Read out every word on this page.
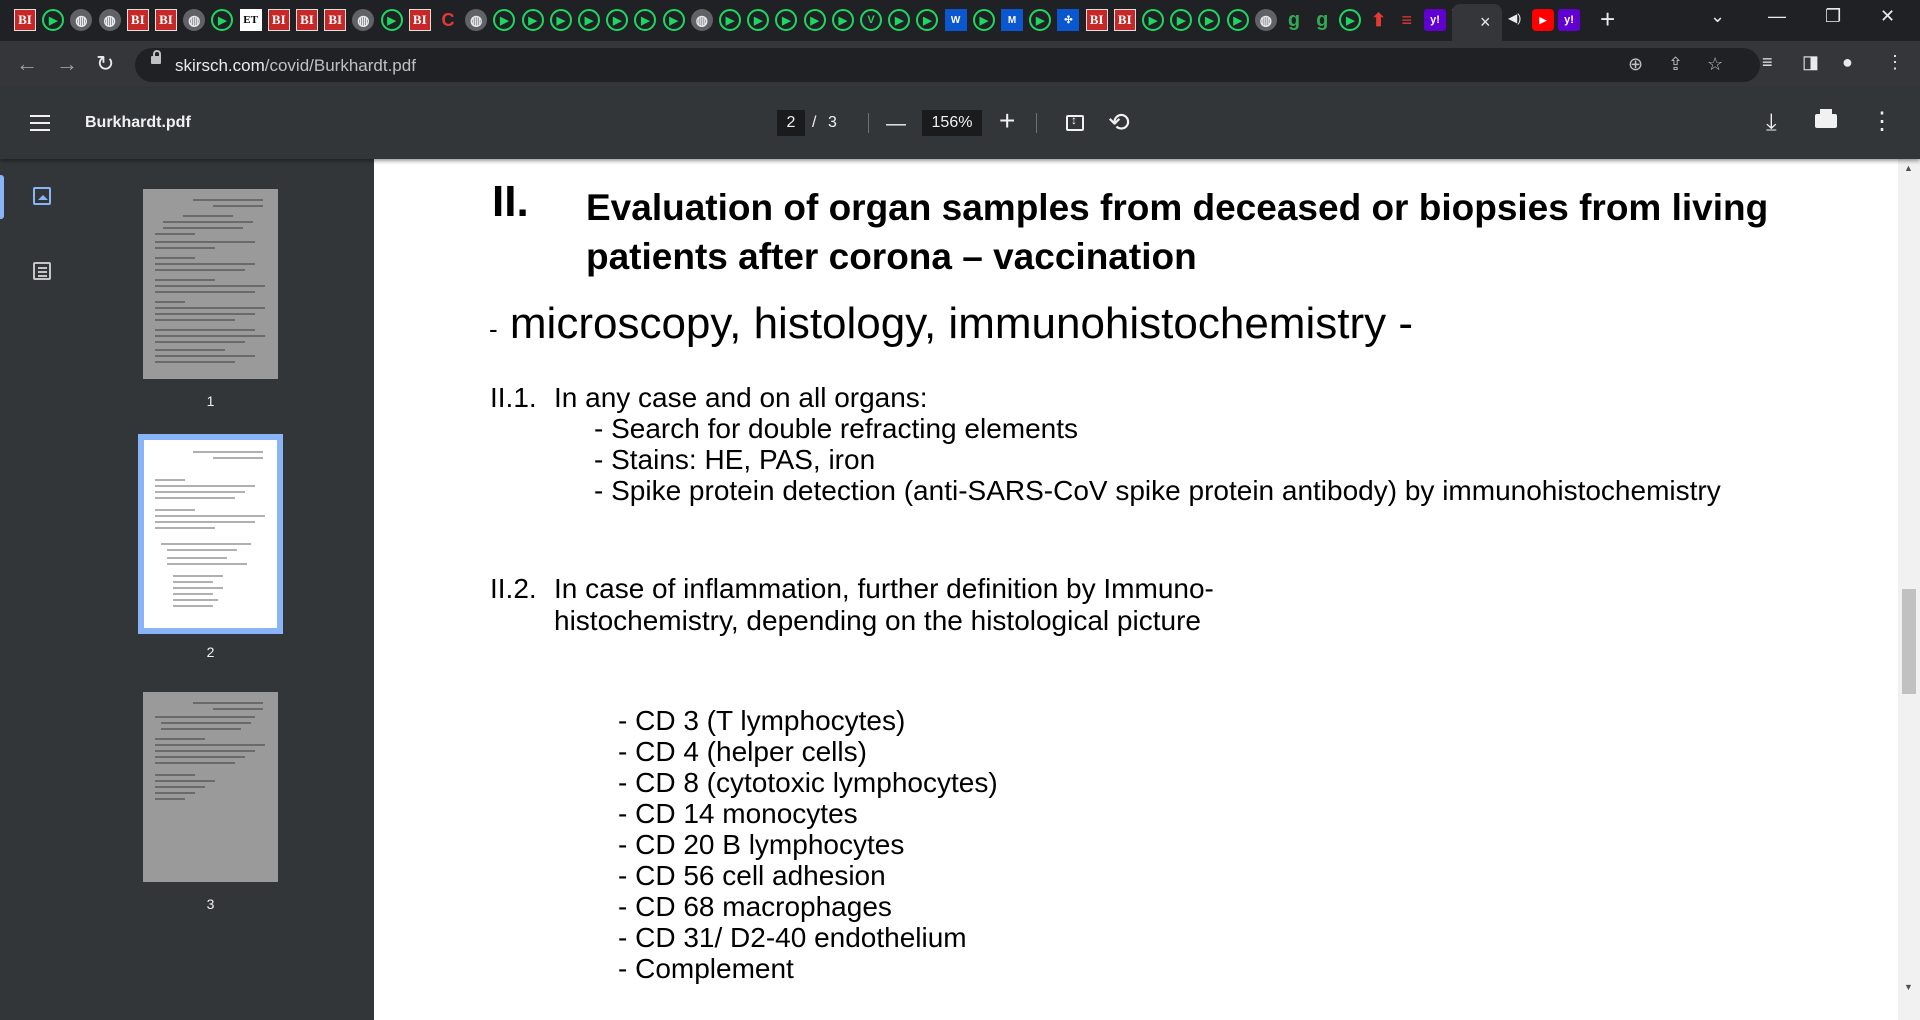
BI	▶	◍	◍	BI	BI	◍	▶	ET	BI	BI	BI	◍	▶	BI C	◍	▶	▶	▶	▶	▶	▶	▶	◍	▶	▶	▶	▶	▶	V	▶	▶	W	▶	M	▶	✣	BI	BI	▶	▶	▶	▶	◍ g g	▶ ⬆ ≡	y!	× ◀)	▶	y! +	⌄ — ❐ ✕
← → ↻	skirsch.com/covid/Burkhardt.pdf	⊕ ⇪ ☆ ≡ ◨ ● ⋮
Burkhardt.pdf
2	/ 3 —
156%	+
↕	⟲	⤓	⋮
1
2
3
II. Evaluation of organ samples from deceased or biopsies from living
patients after corona – vaccination
- microscopy, histology, immunohistochemistry -
II.1. In any case and on all organs:
- Search for double refracting elements
- Stains: HE, PAS, iron
- Spike protein detection (anti-SARS-CoV spike protein antibody) by immunohistochemistry
II.2. In case of inflammation, further definition by Immuno-
histochemistry, depending on the histological picture
- CD 3 (T lymphocytes)
- CD 4 (helper cells)
- CD 8 (cytotoxic lymphocytes)
- CD 14 monocytes
- CD 20 B lymphocytes
- CD 56 cell adhesion
- CD 68 macrophages
- CD 31/ D2-40 endothelium
- Complement
▲
▼
